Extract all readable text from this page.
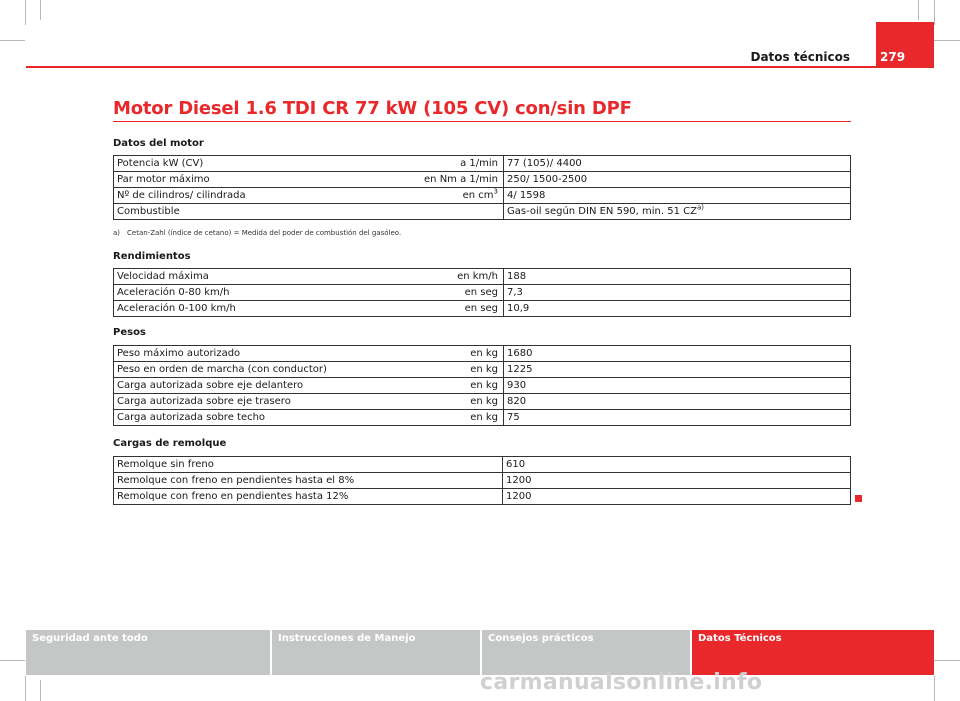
Datos técnicos	279
Motor Diesel 1.6 TDI CR 77 kW (105 CV) con/sin DPF
Datos del motor
Potencia kW (CV)	a 1/min	77 (105)/ 4400
Par motor máximo	en Nm a 1/min	250/ 1500-2500
Nº de cilindros/ cilindrada	en $cm^3$	4/ 1598
Combustible		Gas-oil según DIN EN 590, min. 51 CZ$^{a)}$
a) Cetan-Zahl (índice de cetano) = Medida del poder de combustión del gasóleo.
Rendimientos
Velocidad máxima	en km/h	188
Aceleración 0-80 km/h	en seg	7,3
Aceleración 0-100 km/h	en seg	10,9
Pesos
Peso máximo autorizado	en kg	1680
Peso en orden de marcha (con conductor)	en kg	1225
Carga autorizada sobre eje delantero	en kg	930
Carga autorizada sobre eje trasero	en kg	820
Carga autorizada sobre techo	en kg	75
Cargas de remolque
Remolque sin freno	610
Remolque con freno en pendientes hasta el 8%	1200
Remolque con freno en pendientes hasta 12%	1200
Seguridad ante todo	Instrucciones de Manejo	Consejos prácticos	Datos Técnicos
carmanualsonline.info
